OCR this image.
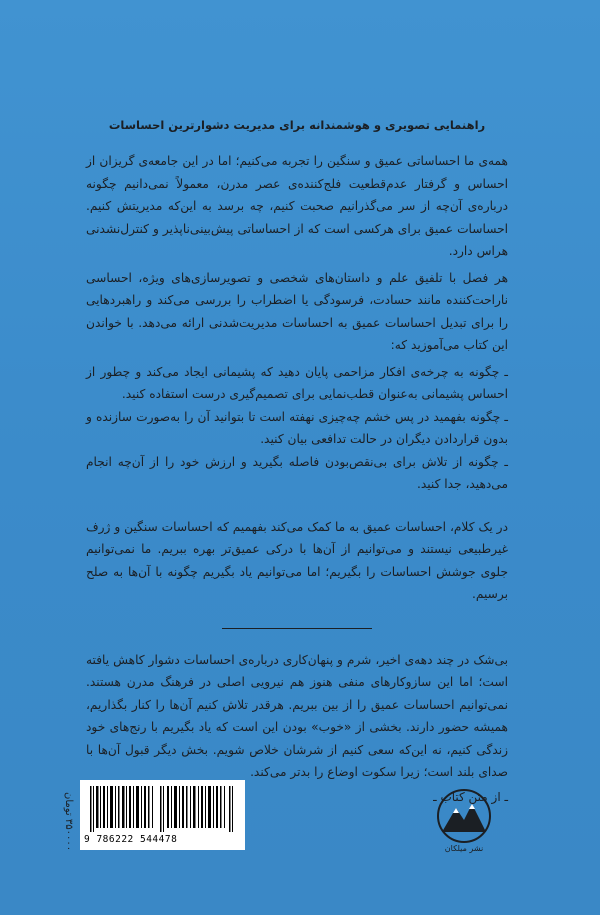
راهنمایی تصویری و هوشمندانه برای مدیریت دشوارترین احساسات

همه‌ی ما احساساتی عمیق و سنگین را تجربه می‌کنیم؛ اما در این جامعه‌ی گریزان از احساس و گرفتار عدم‌قطعیت فلج‌کننده‌ی عصر مدرن، معمولاً نمی‌دانیم چگونه درباره‌ی آن‌چه از سر می‌گذرانیم صحبت کنیم، چه برسد به این‌که مدیریتش کنیم. احساسات عمیق برای هرکسی است که از احساساتی پیش‌بینی‌ناپذیر و کنترل‌نشدنی هراس دارد.

هر فصل با تلفیق علم و داستان‌های شخصی و تصویرسازی‌های ویژه، احساسی ناراحت‌کننده مانند حسادت، فرسودگی یا اضطراب را بررسی می‌کند و راهبردهایی را برای تبدیل احساسات عمیق به احساسات مدیریت‌شدنی ارائه می‌دهد. با خواندن این کتاب می‌آموزید که:

ـ چگونه به چرخه‌ی افکار مزاحمی پایان دهید که پشیمانی ایجاد می‌کند و چطور از احساس پشیمانی به‌عنوان قطب‌نمایی برای تصمیم‌گیری درست استفاده کنید.

ـ چگونه بفهمید در پس خشم چه‌چیزی نهفته است تا بتوانید آن را به‌صورت سازنده و بدون قراردادن دیگران در حالت تدافعی بیان کنید.

ـ چگونه از تلاش برای بی‌نقص‌بودن فاصله بگیرید و ارزش خود را از آن‌چه انجام می‌دهید، جدا کنید.

در یک کلام، احساسات عمیق به ما کمک می‌کند بفهمیم که احساسات سنگین و ژرف غیرطبیعی نیستند و می‌توانیم از آن‌ها با درکی عمیق‌تر بهره ببریم. ما نمی‌توانیم جلوی جوشش احساسات را بگیریم؛ اما می‌توانیم یاد بگیریم چگونه با آن‌ها به صلح برسیم.

بی‌شک در چند دهه‌ی اخیر، شرم و پنهان‌کاری درباره‌ی احساسات دشوار کاهش یافته است؛ اما این سازوکارهای منفی هنوز هم نیرویی اصلی در فرهنگ مدرن هستند. نمی‌توانیم احساسات عمیق را از بین ببریم. هرقدر تلاش کنیم آن‌ها را کنار بگذاریم، همیشه حضور دارند. بخشی از «خوب» بودن این است که یاد بگیریم با رنج‌های خود زندگی کنیم، نه این‌که سعی کنیم از شرشان خلاص شویم. بخش دیگر قبول آن‌ها با صدای بلند است؛ زیرا سکوت اوضاع را بدتر می‌کند.

ـ از متن کتاب ـ
۳۵۰۰۰۰ تومان 9 786222 544478
نشر میلکان
